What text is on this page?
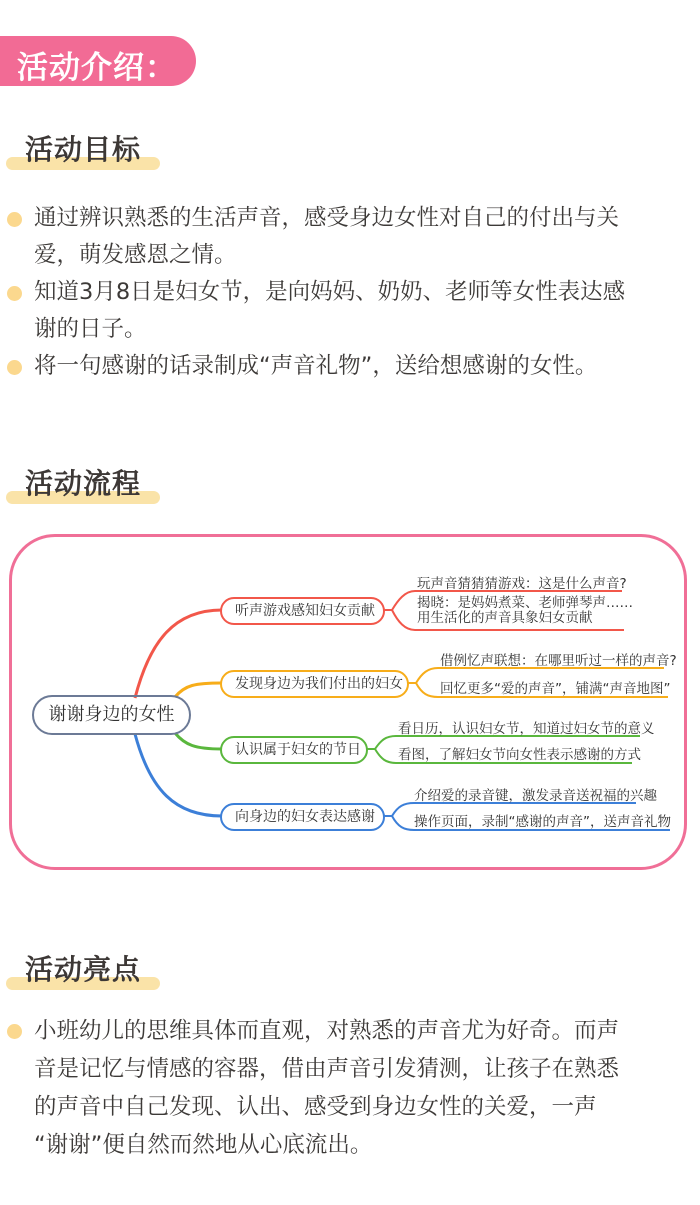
活动介绍：
活动目标
通过辨识熟悉的生活声音，感受身边女性对自己的付出与关
爱，萌发感恩之情。
知道3月8日是妇女节，是向妈妈、奶奶、老师等女性表达感
谢的日子。
将一句感谢的话录制成“声音礼物”，送给想感谢的女性。
活动流程
谢谢身边的女性
听声游戏感知妇女贡献
发现身边为我们付出的妇女
认识属于妇女的节日
向身边的妇女表达感谢
玩声音猜猜猜游戏：这是什么声音?
揭晓：是妈妈煮菜、老师弹琴声……
用生活化的声音具象妇女贡献
借例忆声联想：在哪里听过一样的声音?
回忆更多“爱的声音”，铺满“声音地图”
看日历，认识妇女节，知道过妇女节的意义
看图，了解妇女节向女性表示感谢的方式
介绍爱的录音键，激发录音送祝福的兴趣
操作页面，录制“感谢的声音”，送声音礼物
活动亮点
小班幼儿的思维具体而直观，对熟悉的声音尤为好奇。而声
音是记忆与情感的容器，借由声音引发猜测，让孩子在熟悉
的声音中自己发现、认出、感受到身边女性的关爱，一声
“谢谢”便自然而然地从心底流出。
